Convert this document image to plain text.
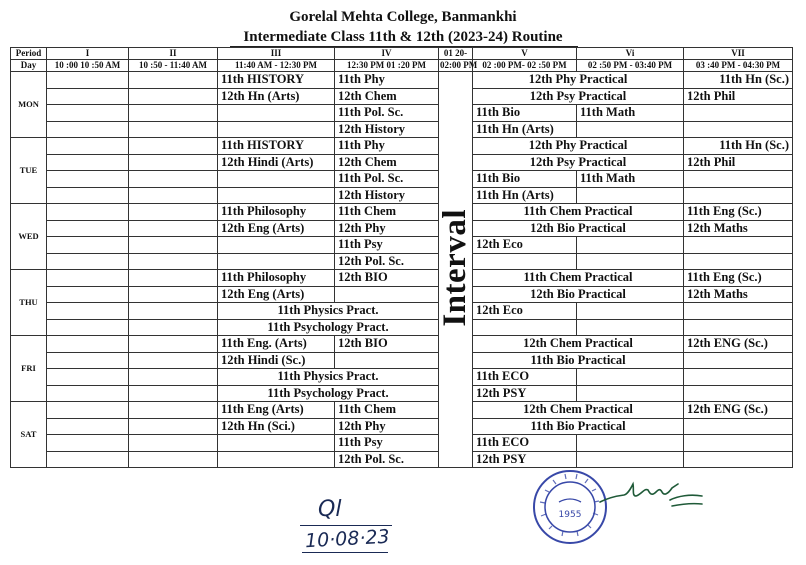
Gorelal Mehta College, Banmankhi
Intermediate Class 11th & 12th (2023-24) Routine
Period	I	II	III	IV	01 20-	V	Vi	VII
Day	10 :00 10 :50 AM	10 :50 - 11:40 AM	11:40 AM - 12:30 PM	12:30 PM 01 :20 PM	02:00 PM	02 :00 PM- 02 :50 PM	02 :50 PM - 03:40 PM	03 :40 PM - 04:30 PM
MON			11th HISTORY	11th Phy	Interval	12th Phy Practical		11th Hn (Sc.)
			12th Hn (Arts)	12th Chem		12th Psy Practical		12th Phil
				11th Pol. Sc.		11th Bio	11th Math	
				12th History		11th Hn (Arts)		
TUE			11th HISTORY	11th Phy		12th Phy Practical		11th Hn (Sc.)
			12th Hindi (Arts)	12th Chem		12th Psy Practical		12th Phil
				11th Pol. Sc.		11th Bio	11th Math	
				12th History		11th Hn (Arts)		
WED			11th Philosophy	11th Chem		11th Chem Practical		11th Eng (Sc.)
			12th Eng (Arts)	12th Phy		12th Bio Practical		12th Maths
				11th Psy		12th Eco		
				12th Pol. Sc.				
THU			11th Philosophy	12th BIO		11th Chem Practical		11th Eng (Sc.)
			12th Eng (Arts)			12th Bio Practical		12th Maths
			11th Physics Pract.			12th Eco		
			11th Psychology Pract.					
FRI			11th Eng. (Arts)	12th BIO		12th Chem Practical		12th ENG (Sc.)
			12th Hindi (Sc.)			11th Bio Practical		
			11th Physics Pract.			11th ECO		
			11th Psychology Pract.			12th PSY		
SAT			11th Eng (Arts)	11th Chem		12th Chem Practical		12th ENG (Sc.)
			12th Hn (Sci.)	12th Phy		11th Bio Practical		
				11th Psy		11th ECO		
				12th Pol. Sc.		12th PSY		
Ql
10·08·23
1955
